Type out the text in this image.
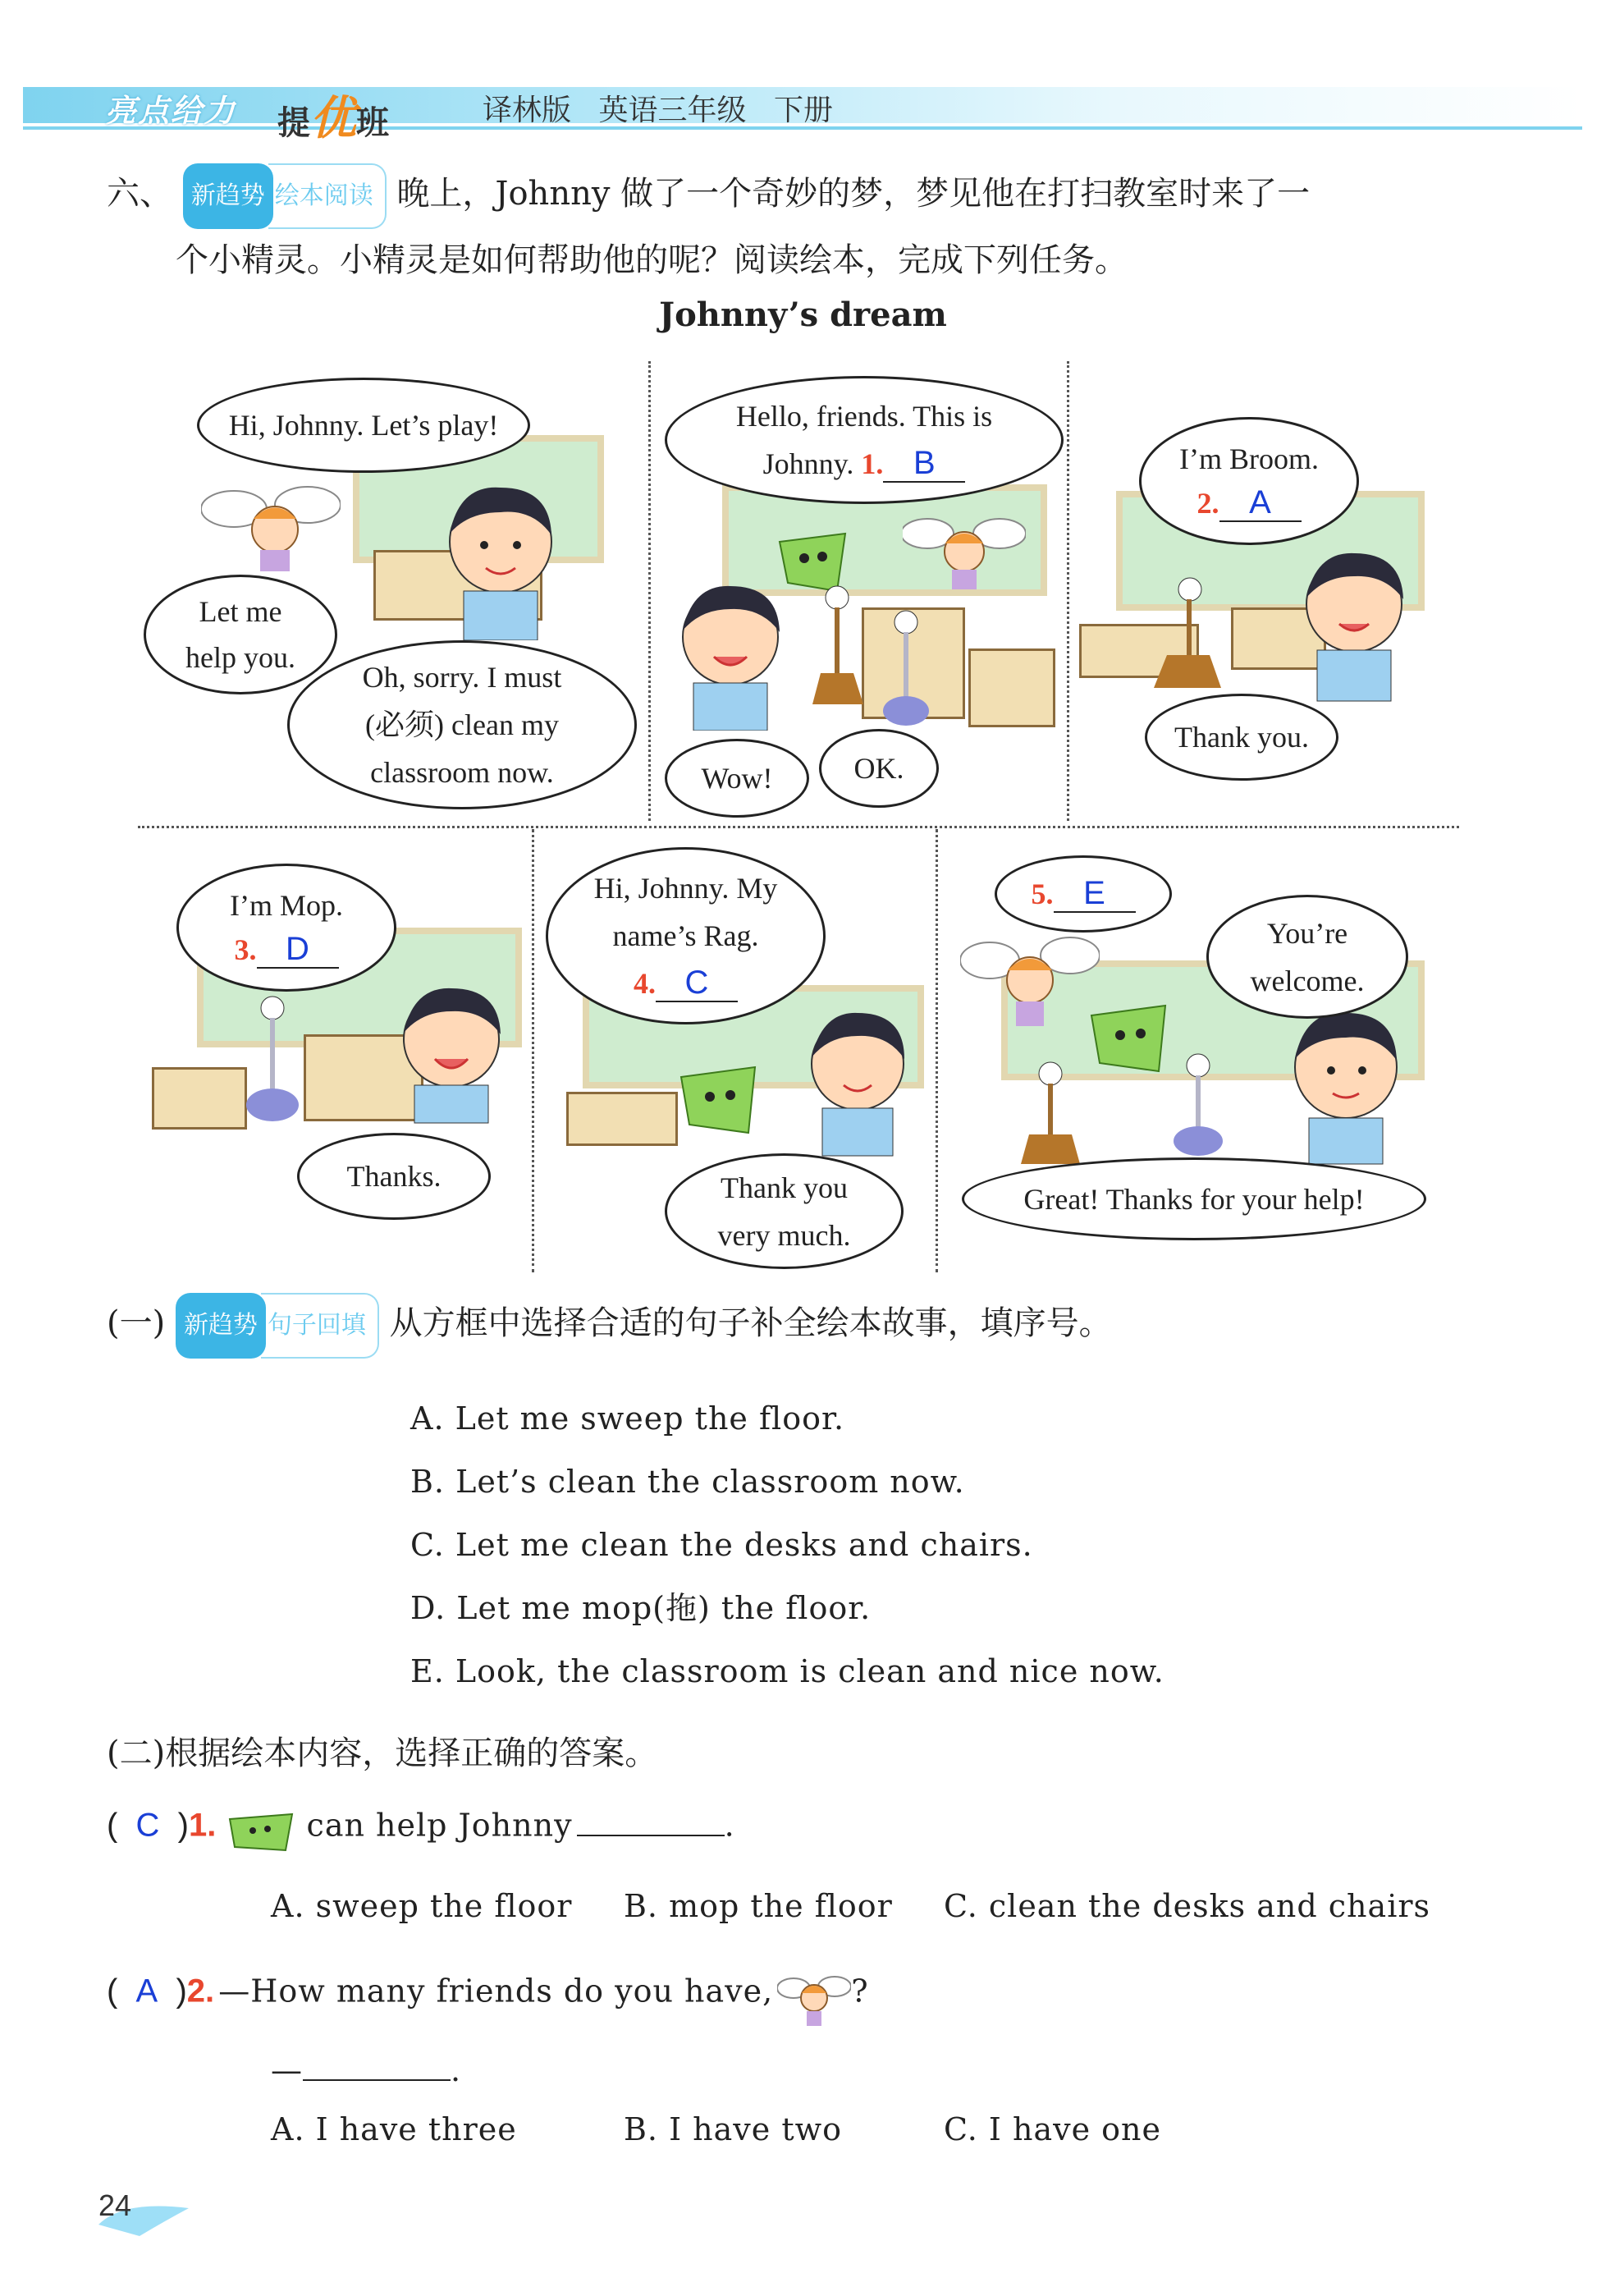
亮点给力 提优班	译林版 英语三年级 下册
六、 新趋势 绘本阅读 晚上，Johnny 做了一个奇妙的梦，梦见他在打扫教室时来了一
个小精灵。小精灵是如何帮助他的呢？阅读绘本，完成下列任务。
Johnny’s dream
Hi, Johnny. Let’s play!
Let me
help you.
Oh, sorry. I must
(必须) clean my
classroom now.
Hello, friends. This is
Johnny. 1. B
Wow!	OK.
I’m Broom.
2. A
Thank you.
I’m Mop.
3. D
Thanks.
Hi, Johnny. My
name’s Rag.
4. C
Thank you
very much.
5. E
You’re
welcome.
Great! Thanks for your help!
(一) 新趋势 句子回填 从方框中选择合适的句子补全绘本故事，填序号。
A. Let me sweep the floor.
B. Let’s clean the classroom now.
C. Let me clean the desks and chairs.
D. Let me mop(拖) the floor.
E. Look, the classroom is clean and nice now.
(二)根据绘本内容，选择正确的答案。
(  C  )1.	can help Johnny	.
A. sweep the floor B. mop the floor C. clean the desks and chairs
(  A  )2. —How many friends do you have,	?
—	.
A. I have three	B. I have two	C. I have one
24
